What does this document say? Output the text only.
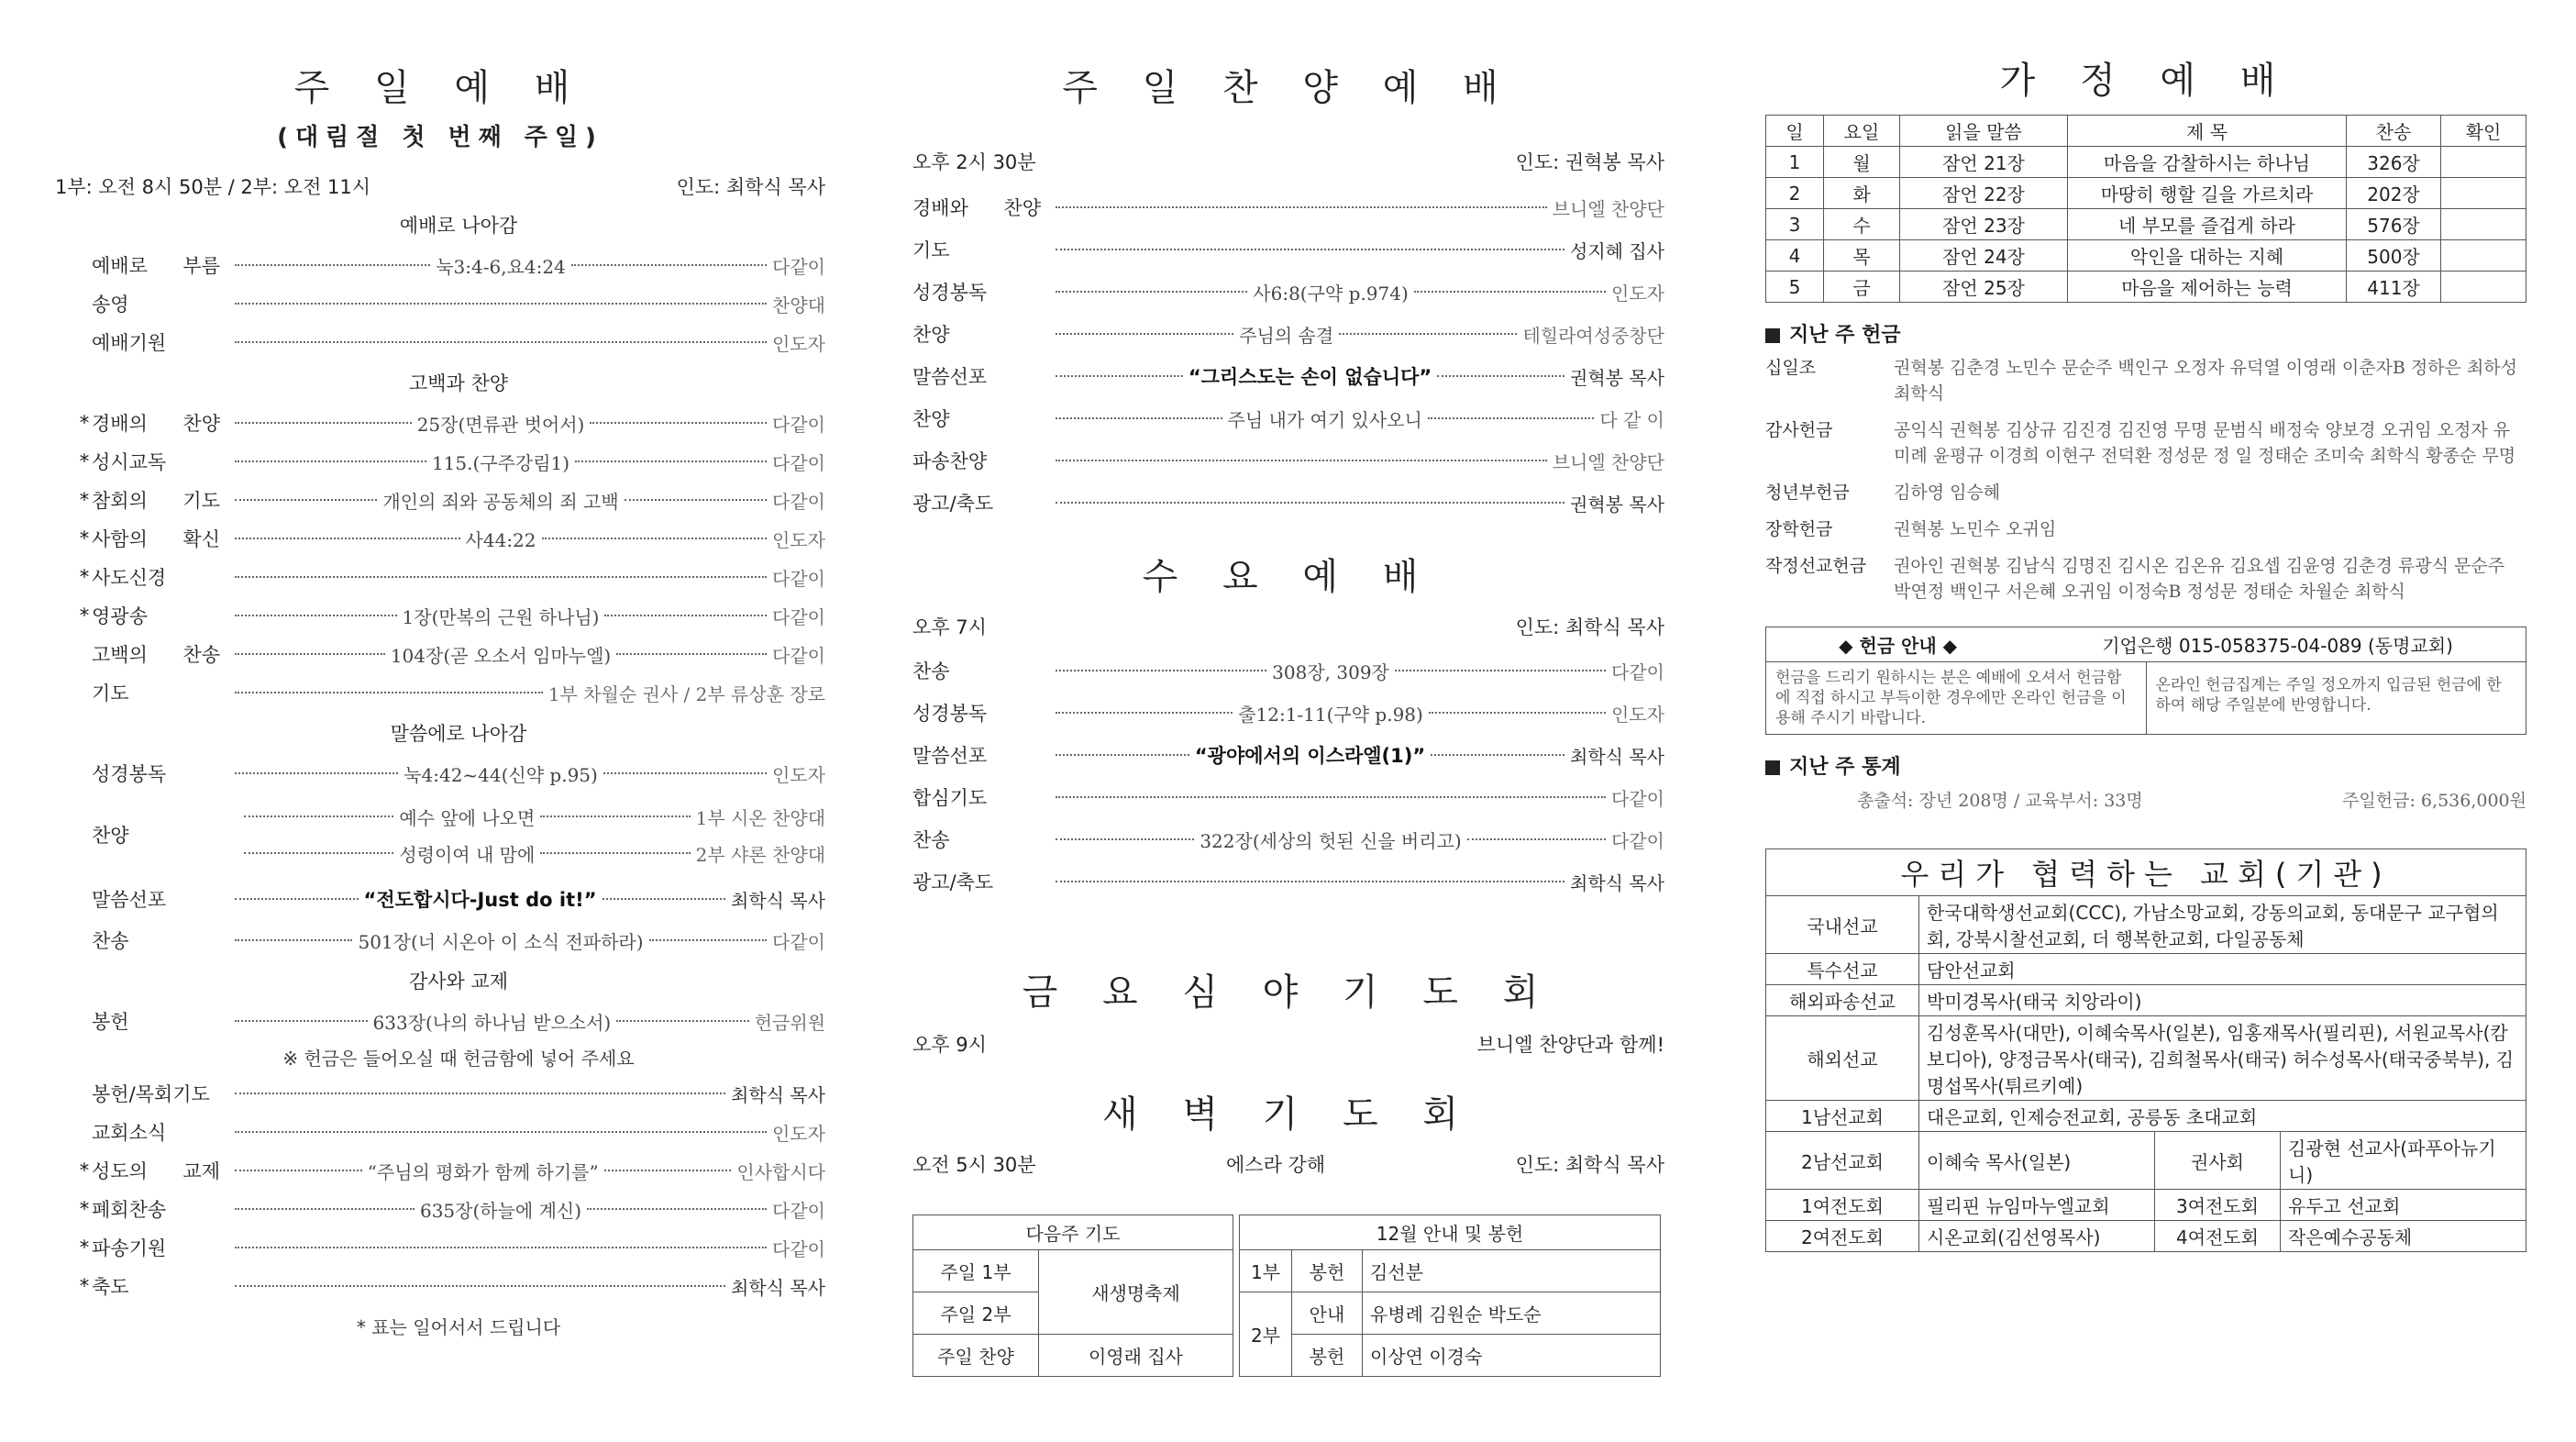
주 일 예 배
(대림절 첫 번째 주일)
1부: 오전 8시 50분 / 2부: 오전 11시	인도: 최학식 목사
예배로 나아감
예배로 부름	눅3:4-6,요4:24	다같이
송영	찬양대
예배기원	인도자
고백과 찬양
* 경배의 찬양	25장(면류관 벗어서)	다같이
* 성시교독	115.(구주강림1)	다같이
* 참회의 기도	개인의 죄와 공동체의 죄 고백	다같이
* 사함의 확신	사44:22	인도자
* 사도신경	다같이
* 영광송	1장(만복의 근원 하나님)	다같이
고백의 찬송	104장(곧 오소서 임마누엘)	다같이
기도	1부 차월순 권사 / 2부 류상훈 장로
말씀에로 나아감
성경봉독	눅4:42~44(신약 p.95)	인도자
찬양
예수 앞에 나오면	1부 시온 찬양대
성령이여 내 맘에	2부 샤론 찬양대
말씀선포	“전도합시다-Just do it!”	최학식 목사
찬송	501장(너 시온아 이 소식 전파하라)	다같이
감사와 교제
봉헌	633장(나의 하나님 받으소서)	헌금위원
※ 헌금은 들어오실 때 헌금함에 넣어 주세요
봉헌/목회기도	최학식 목사
교회소식	인도자
* 성도의 교제	“주님의 평화가 함께 하기를”	인사합시다
* 폐회찬송	635장(하늘에 계신)	다같이
* 파송기원	다같이
* 축도	최학식 목사
* 표는 일어서서 드립니다
주 일 찬 양 예 배
오후 2시 30분	인도: 권혁봉 목사
경배와 찬양	브니엘 찬양단
기도	성지혜 집사
성경봉독	사6:8(구약 p.974)	인도자
찬양	주님의 솜결	테힐라여성중창단
말씀선포	“그리스도는 손이 없습니다”	권혁봉 목사
찬양	주님 내가 여기 있사오니	다 같 이
파송찬양	브니엘 찬양단
광고/축도	권혁봉 목사
수 요 예 배
오후 7시	인도: 최학식 목사
찬송	308장, 309장	다같이
성경봉독	출12:1-11(구약 p.98)	인도자
말씀선포	“광야에서의 이스라엘(1)”	최학식 목사
합심기도	다같이
찬송	322장(세상의 헛된 신을 버리고)	다같이
광고/축도	최학식 목사
금 요 심 야 기 도 회
오후 9시	브니엘 찬양단과 함께!
새 벽 기 도 회
오전 5시 30분	에스라 강해	인도: 최학식 목사
다음주 기도	
주일 1부	새생명축제
주일 2부	
주일 찬양	이영래 집사
12월 안내 및 봉헌		
1부	봉헌	김선분
2부	안내	유병례 김원순 박도순
	봉헌	이상연 이경숙
가 정 예 배
일	요일	읽을 말씀	제 목	찬송	확인
1	월	잠언 21장	마음을 감찰하시는 하나님	326장	
2	화	잠언 22장	마땅히 행할 길을 가르치라	202장	
3	수	잠언 23장	네 부모를 즐겁게 하라	576장	
4	목	잠언 24장	악인을 대하는 지혜	500장	
5	금	잠언 25장	마음을 제어하는 능력	411장	
지난 주 헌금
십일조	권혁봉 김춘경 노민수 문순주 백인구 오정자 유덕열 이영래 이춘자B 정하은 최하성 최학식
감사헌금	공익식 권혁봉 김상규 김진경 김진영 무명 문범식 배정숙 양보경 오귀임 오정자 유미례 윤평규 이경희 이현구 전덕환 정성문 정 일 정태순 조미숙 최학식 황종순 무명
청년부헌금	김하영 임승혜
장학헌금	권혁봉 노민수 오귀임
작정선교헌금	권아인 권혁봉 김남식 김명진 김시온 김온유 김요셉 김윤영 김춘경 류광식 문순주 박연정 백인구 서은혜 오귀임 이정숙B 정성문 정태순 차월순 최학식
◆ 헌금 안내 ◆	기업은행 015-058375-04-089 (동명교회)
헌금을 드리기 원하시는 분은 예배에 오셔서 헌금함에 직접 하시고 부득이한 경우에만 온라인 헌금을 이용해 주시기 바랍니다.
온라인 헌금집계는 주일 정오까지 입금된 헌금에 한하여 해당 주일분에 반영합니다.
지난 주 통계
총출석: 장년 208명 / 교육부서: 33명	주일헌금: 6,536,000원
우리가 협력하는 교회(기관)
국내선교	한국대학생선교회(CCC), 가남소망교회, 강동의교회, 동대문구 교구협의회, 강북시찰선교회, 더 행복한교회, 다일공동체		
특수선교	담안선교회		
해외파송선교	박미경목사(태국 치앙라이)		
해외선교	김성훈목사(대만), 이혜숙목사(일본), 임홍재목사(필리핀), 서원교목사(캄보디아), 양정금목사(태국), 김희철목사(태국) 허수성목사(태국중북부), 김명섭목사(튀르키예)		
1남선교회	대은교회, 인제승전교회, 공릉동 초대교회		
2남선교회	이혜숙 목사(일본)	권사회	김광현 선교사(파푸아뉴기니)
1여전도회	필리핀 뉴임마누엘교회	3여전도회	유두고 선교회
2여전도회	시온교회(김선영목사)	4여전도회	작은예수공동체
